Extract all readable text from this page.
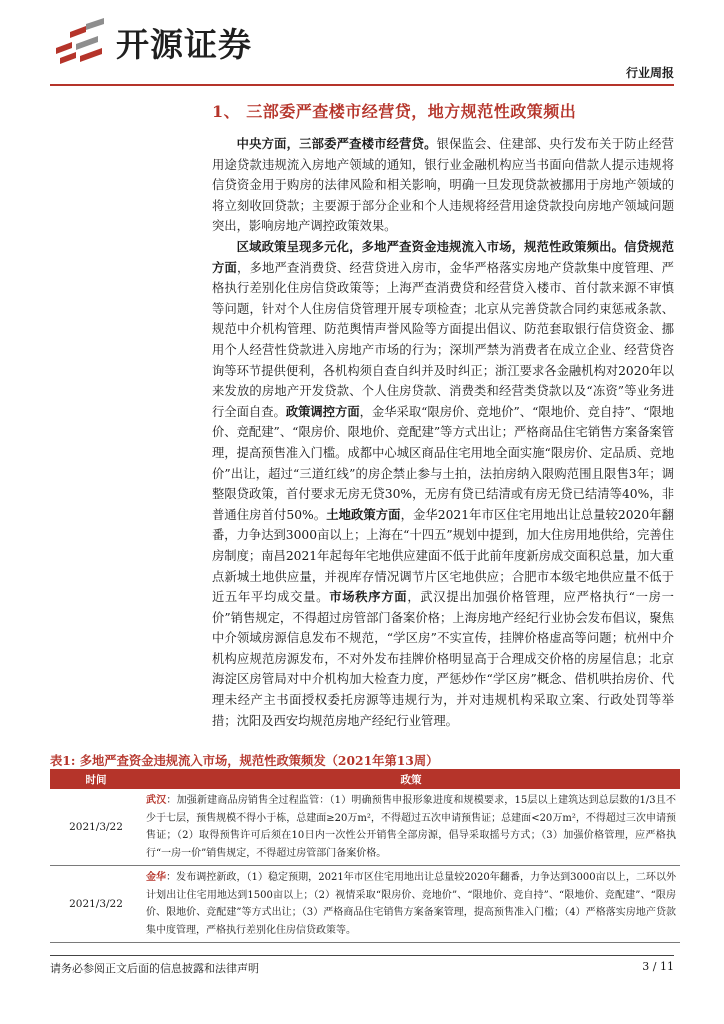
开源证券
行业周报
1、 三部委严查楼市经营贷，地方规范性政策频出
中央方面，三部委严查楼市经营贷。银保监会、住建部、央行发布关于防止经营用途贷款违规流入房地产领域的通知，银行业金融机构应当书面向借款人提示违规将信贷资金用于购房的法律风险和相关影响，明确一旦发现贷款被挪用于房地产领域的将立刻收回贷款；主要源于部分企业和个人违规将经营用途贷款投向房地产领域问题突出，影响房地产调控政策效果。
区域政策呈现多元化，多地严查资金违规流入市场，规范性政策频出。信贷规范方面，多地严查消费贷、经营贷进入房市，金华严格落实房地产贷款集中度管理、严格执行差别化住房信贷政策等；上海严查消费贷和经营贷入楼市、首付款来源不审慎等问题，针对个人住房信贷管理开展专项检查；北京从完善贷款合同约束惩戒条款、规范中介机构管理、防范舆情声誉风险等方面提出倡议、防范套取银行信贷资金、挪用个人经营性贷款进入房地产市场的行为；深圳严禁为消费者在成立企业、经营贷咨询等环节提供便利，各机构须自查自纠并及时纠正；浙江要求各金融机构对2020年以来发放的房地产开发贷款、个人住房贷款、消费类和经营类贷款以及“冻资”等业务进行全面自查。政策调控方面，金华采取“限房价、竞地价”、“限地价、竞自持”、“限地价、竞配建”、“限房价、限地价、竞配建”等方式出让；严格商品住宅销售方案备案管理，提高预售准入门槛。成都中心城区商品住宅用地全面实施“限房价、定品质、竞地价”出让，超过“三道红线”的房企禁止参与土拍，法拍房纳入限购范围且限售3年；调整限贷政策，首付要求无房无贷30%，无房有贷已结清或有房无贷已结清等40%，非普通住房首付50%。土地政策方面，金华2021年市区住宅用地出让总量较2020年翻番，力争达到3000亩以上；上海在“十四五”规划中提到，加大住房用地供给，完善住房制度；南昌2021年起每年宅地供应建面不低于此前年度新房成交面积总量，加大重点新城土地供应量，并视库存情况调节片区宅地供应；合肥市本级宅地供应量不低于近五年平均成交量。市场秩序方面，武汉提出加强价格管理，应严格执行“一房一价”销售规定，不得超过房管部门备案价格；上海房地产经纪行业协会发布倡议，聚焦中介领域房源信息发布不规范，“学区房”不实宣传，挂牌价格虚高等问题；杭州中介机构应规范房源发布，不对外发布挂牌价格明显高于合理成交价格的房屋信息；北京海淀区房管局对中介机构加大检查力度，严惩炒作“学区房”概念、借机哄抬房价、代理未经产主书面授权委托房源等违规行为，并对违规机构采取立案、行政处罚等举措；沈阳及西安均规范房地产经纪行业管理。
表1: 多地严查资金违规流入市场，规范性政策频发（2021年第13周）
时间	政策
2021/3/22	武汉：加强新建商品房销售全过程监管：（1）明确预售申报形象进度和规模要求，15层以上建筑达到总层数的1/3且不少于七层，预售规模不得小于栋，总建面≥20万m²，不得超过五次申请预售证；总建面<20万m²，不得超过三次申请预售证；（2）取得预售许可后须在10日内一次性公开销售全部房源，倡导采取摇号方式；（3）加强价格管理，应严格执行“一房一价”销售规定，不得超过房管部门备案价格。
2021/3/22	金华：发布调控新政，（1）稳定预期，2021年市区住宅用地出让总量较2020年翻番，力争达到3000亩以上，二环以外计划出让住宅用地达到1500亩以上；（2）视情采取“限房价、竞地价”、“限地价、竞自持”、“限地价、竞配建”、“限房价、限地价、竞配建”等方式出让；（3）严格商品住宅销售方案备案管理，提高预售准入门槛；（4）严格落实房地产贷款集中度管理，严格执行差别化住房信贷政策等。
请务必参阅正文后面的信息披露和法律声明	3 / 11
